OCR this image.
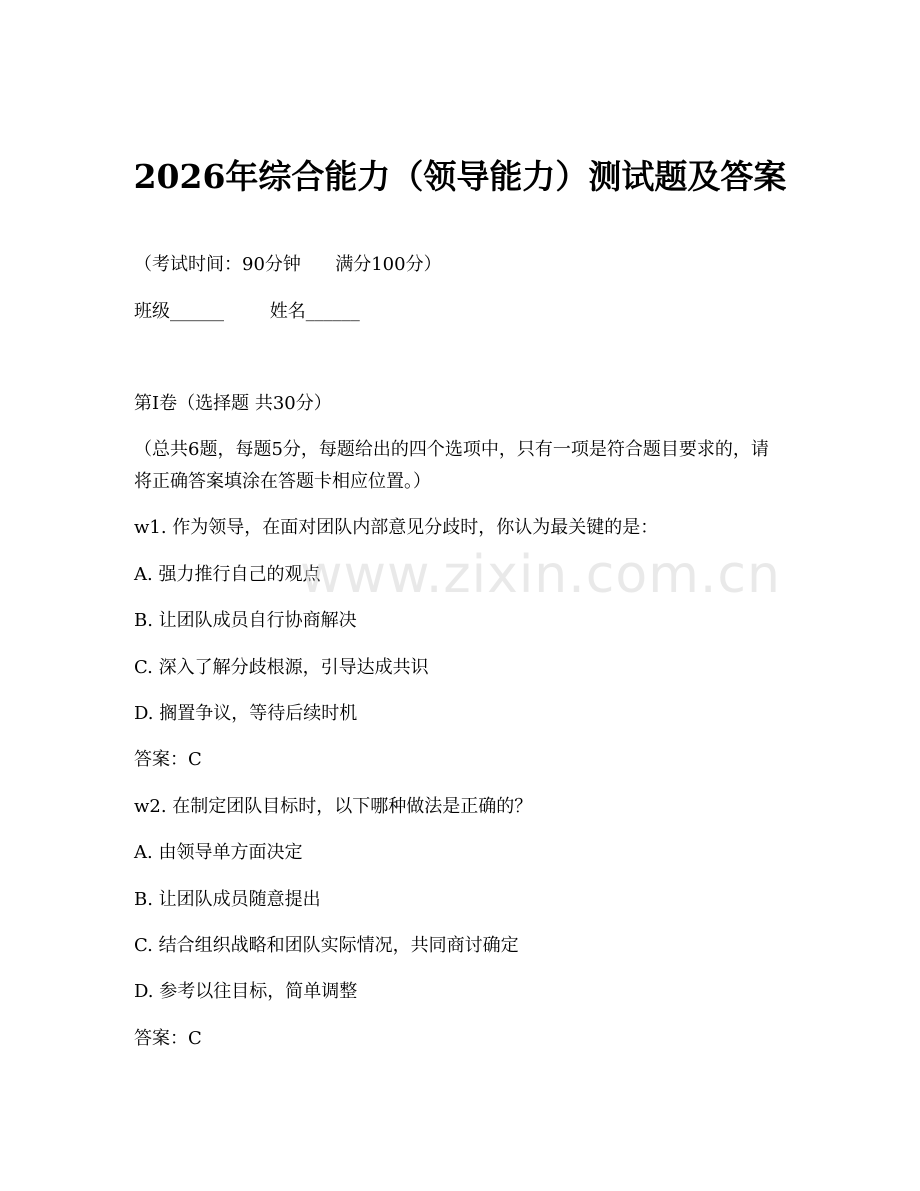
2026年综合能力（领导能力）测试题及答案
（考试时间：90分钟      满分100分）
班级______        姓名______
第I卷（选择题 共30分）
（总共6题，每题5分，每题给出的四个选项中，只有一项是符合题目要求的，请将正确答案填涂在答题卡相应位置。）
w1. 作为领导，在面对团队内部意见分歧时，你认为最关键的是：
A. 强力推行自己的观点
B. 让团队成员自行协商解决
C. 深入了解分歧根源，引导达成共识
D. 搁置争议，等待后续时机
答案：C
w2. 在制定团队目标时，以下哪种做法是正确的？
A. 由领导单方面决定
B. 让团队成员随意提出
C. 结合组织战略和团队实际情况，共同商讨确定
D. 参考以往目标，简单调整
答案：C
www.zixin.com.cn
